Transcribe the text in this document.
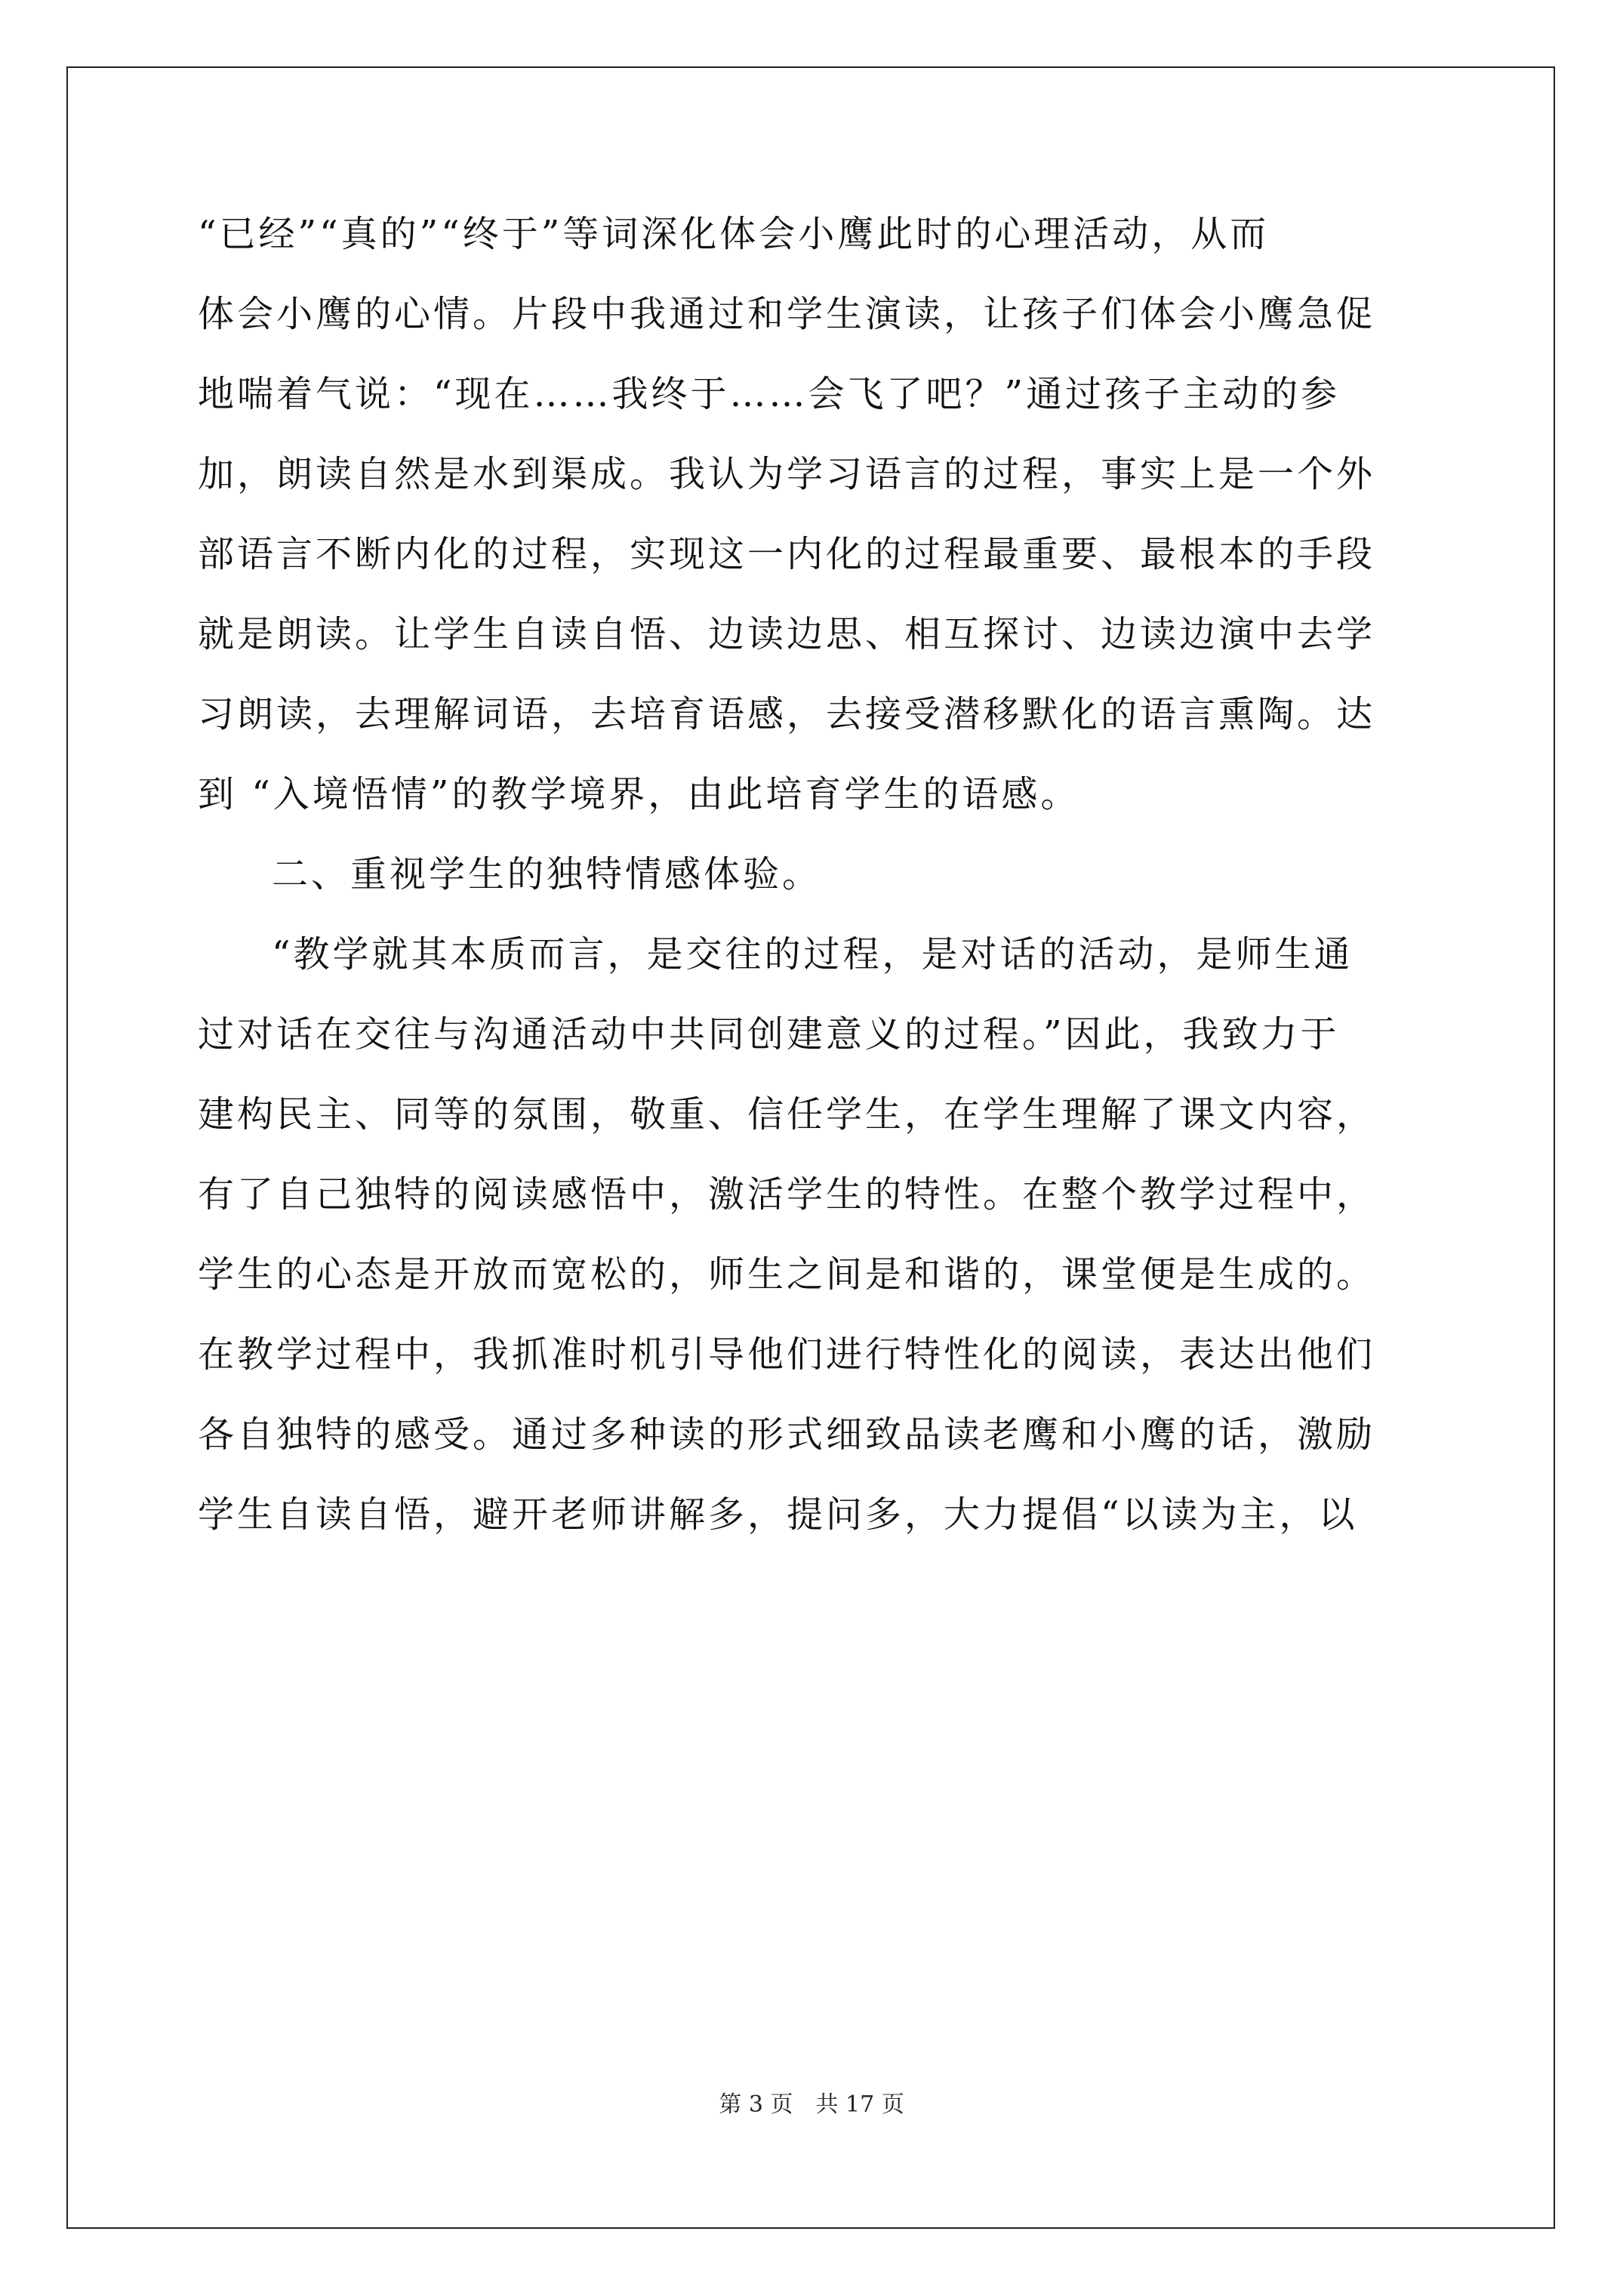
“已经”“真的”“终于”等词深化体会小鹰此时的心理活动，从而

体会小鹰的心情。片段中我通过和学生演读，让孩子们体会小鹰急促

地喘着气说：“现在……我终于……会飞了吧？”通过孩子主动的参

加，朗读自然是水到渠成。我认为学习语言的过程，事实上是一个外

部语言不断内化的过程，实现这一内化的过程最重要、最根本的手段

就是朗读。让学生自读自悟、边读边思、相互探讨、边读边演中去学

习朗读，去理解词语，去培育语感，去接受潜移默化的语言熏陶。达

到 “入境悟情”的教学境界，由此培育学生的语感。

二、重视学生的独特情感体验。

“教学就其本质而言，是交往的过程，是对话的活动，是师生通

过对话在交往与沟通活动中共同创建意义的过程。”因此，我致力于

建构民主、同等的氛围，敬重、信任学生，在学生理解了课文内容，

有了自己独特的阅读感悟中，激活学生的特性。在整个教学过程中，

学生的心态是开放而宽松的，师生之间是和谐的，课堂便是生成的。

在教学过程中，我抓准时机引导他们进行特性化的阅读，表达出他们

各自独特的感受。通过多种读的形式细致品读老鹰和小鹰的话，激励

学生自读自悟，避开老师讲解多，提问多，大力提倡“以读为主，以

第 3 页　共 17 页
